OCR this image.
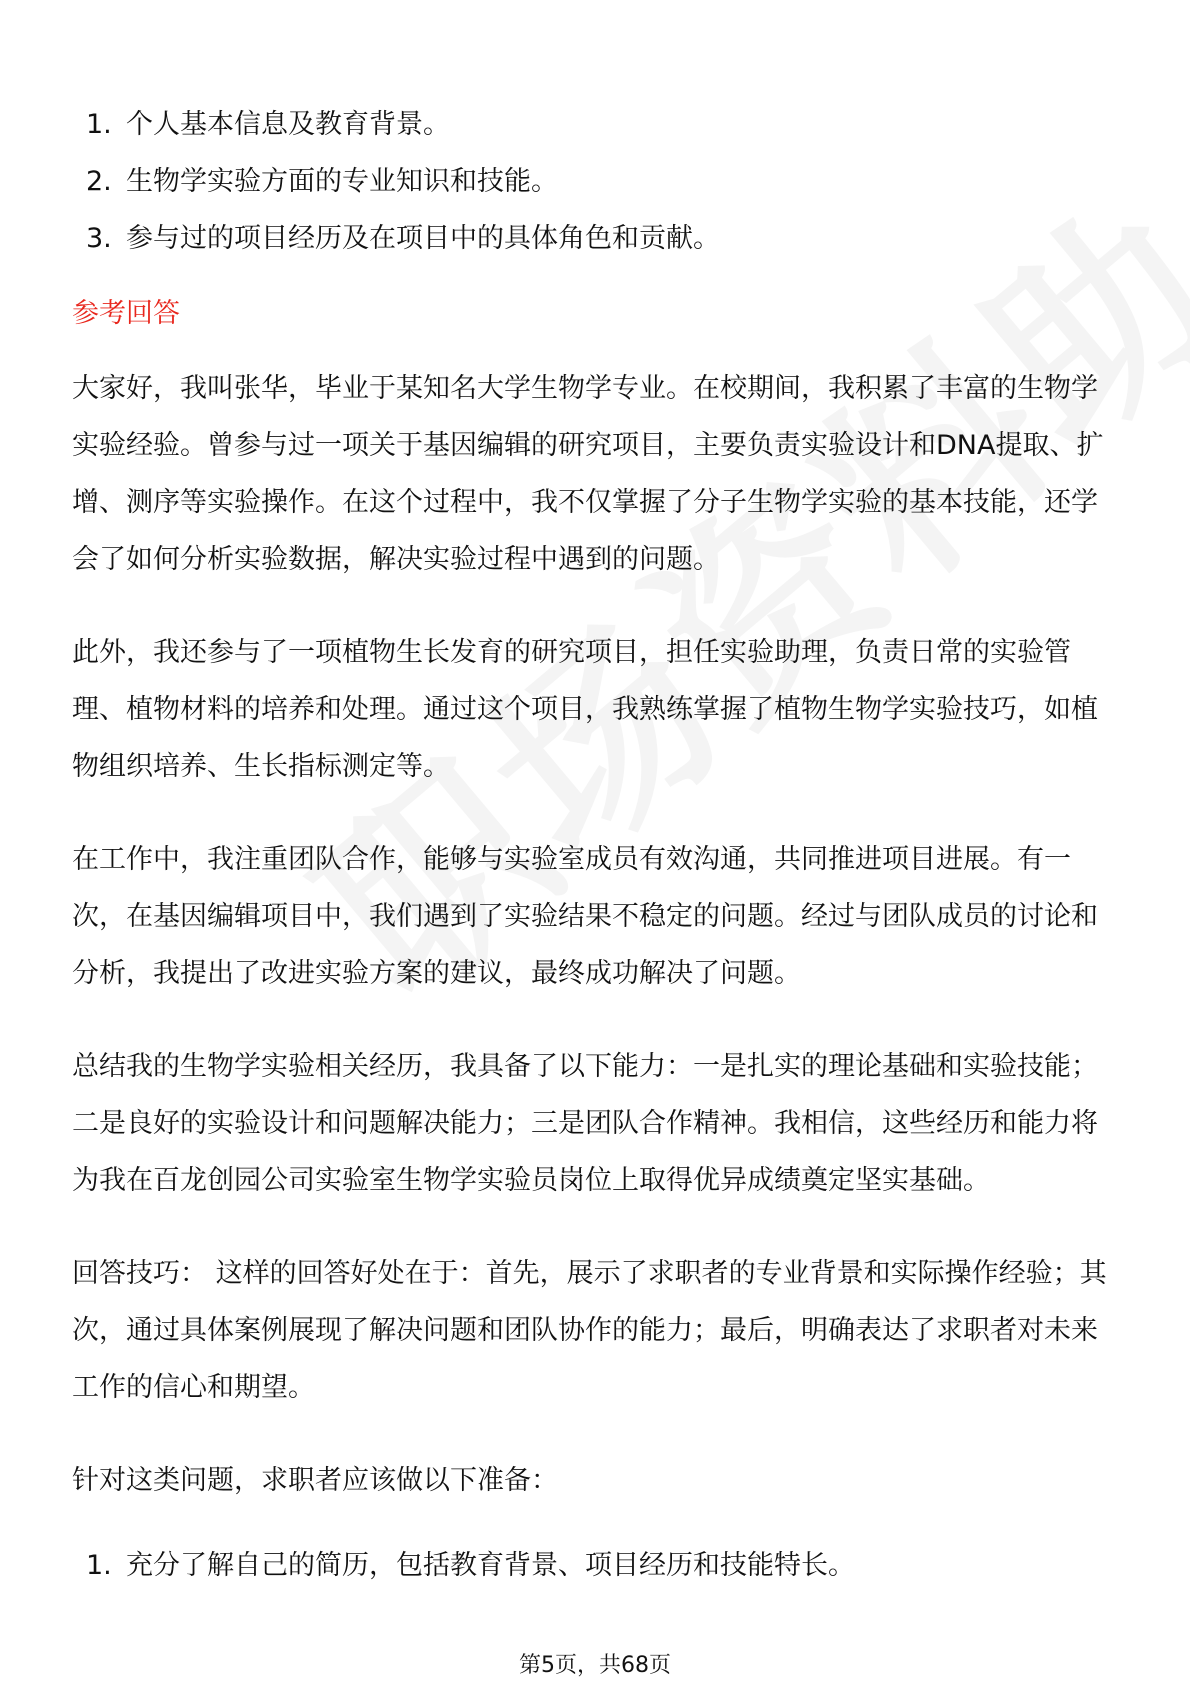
1. 个人基本信息及教育背景。
2. 生物学实验方面的专业知识和技能。
3. 参与过的项目经历及在项目中的具体角色和贡献。
参考回答

大家好，我叫张华，毕业于某知名大学生物学专业。在校期间，我积累了丰富的生物学实验经验。曾参与过一项关于基因编辑的研究项目，主要负责实验设计和DNA提取、扩增、测序等实验操作。在这个过程中，我不仅掌握了分子生物学实验的基本技能，还学会了如何分析实验数据，解决实验过程中遇到的问题。

此外，我还参与了一项植物生长发育的研究项目，担任实验助理，负责日常的实验管理、植物材料的培养和处理。通过这个项目，我熟练掌握了植物生物学实验技巧，如植物组织培养、生长指标测定等。

在工作中，我注重团队合作，能够与实验室成员有效沟通，共同推进项目进展。有一次，在基因编辑项目中，我们遇到了实验结果不稳定的问题。经过与团队成员的讨论和分析，我提出了改进实验方案的建议，最终成功解决了问题。

总结我的生物学实验相关经历，我具备了以下能力：一是扎实的理论基础和实验技能；二是良好的实验设计和问题解决能力；三是团队合作精神。我相信，这些经历和能力将为我在百龙创园公司实验室生物学实验员岗位上取得优异成绩奠定坚实基础。

回答技巧： 这样的回答好处在于：首先，展示了求职者的专业背景和实际操作经验；其次，通过具体案例展现了解决问题和团队协作的能力；最后，明确表达了求职者对未来工作的信心和期望。

针对这类问题，求职者应该做以下准备：

1. 充分了解自己的简历，包括教育背景、项目经历和技能特长。
第5页，共68页
